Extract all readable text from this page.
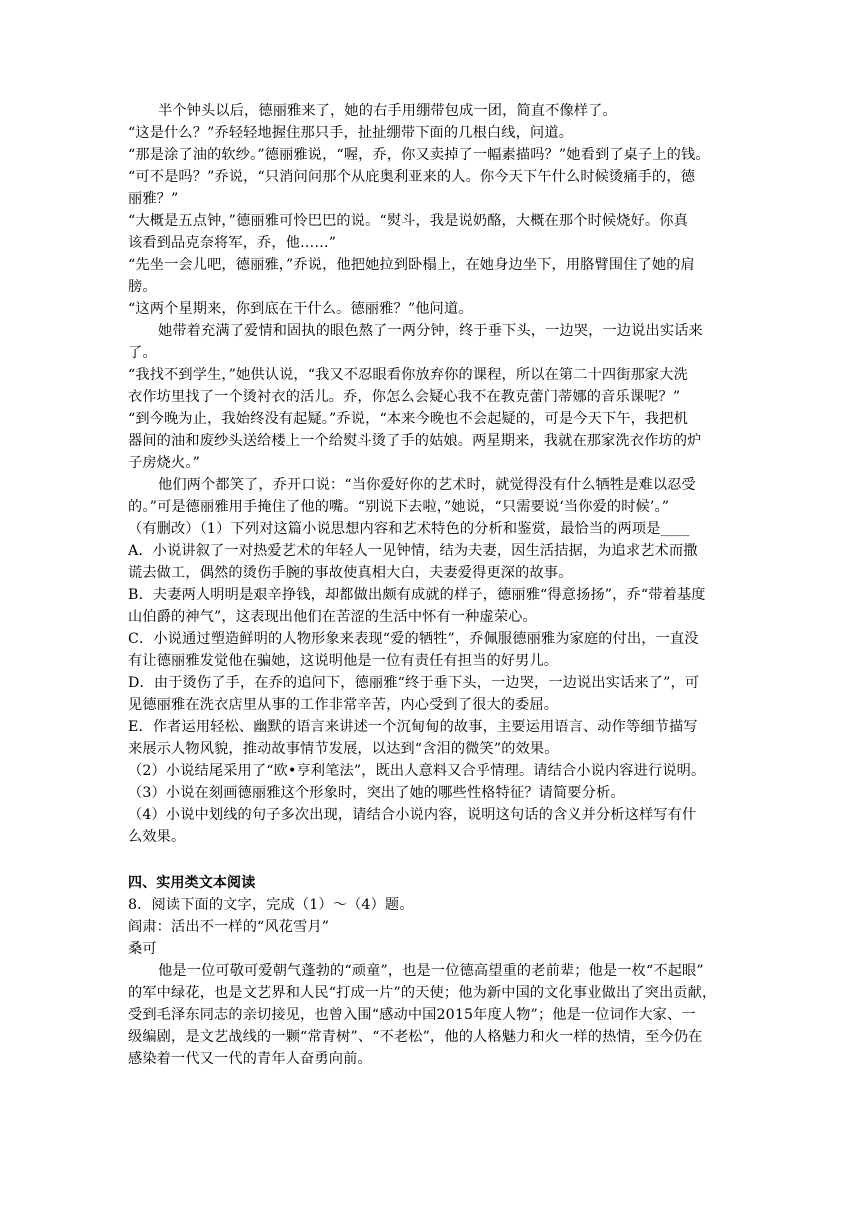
半个钟头以后，德丽雅来了，她的右手用绷带包成一团，简直不像样了。
“这是什么？”乔轻轻地握住那只手，扯扯绷带下面的几根白线，问道。
“那是涂了油的软纱。”德丽雅说，“喔，乔，你又卖掉了一幅素描吗？”她看到了桌子上的钱。
“可不是吗？”乔说，“只消问问那个从庇奥利亚来的人。你今天下午什么时候烫痛手的，德
丽雅？”
“大概是五点钟，”德丽雅可怜巴巴的说。“熨斗，我是说奶酪，大概在那个时候烧好。你真
该看到品克奈将军，乔，他……”
“先坐一会儿吧，德丽雅，”乔说，他把她拉到卧榻上，在她身边坐下，用胳臂围住了她的肩
膀。
“这两个星期来，你到底在干什么。德丽雅？”他问道。
她带着充满了爱情和固执的眼色熬了一两分钟，终于垂下头，一边哭，一边说出实话来
了。
“我找不到学生，”她供认说，“我又不忍眼看你放弃你的课程，所以在第二十四街那家大洗
衣作坊里找了一个烫衬衣的活儿。乔，你怎么会疑心我不在教克蕾门蒂娜的音乐课呢？”
“到今晚为止，我始终没有起疑。”乔说，“本来今晚也不会起疑的，可是今天下午，我把机
器间的油和废纱头送给楼上一个给熨斗烫了手的姑娘。两星期来，我就在那家洗衣作坊的炉
子房烧火。”
他们两个都笑了，乔开口说：“当你爱好你的艺术时，就觉得没有什么牺牲是难以忍受
的。”可是德丽雅用手掩住了他的嘴。“别说下去啦，”她说，“只需要说‘当你爱的时候’。”
（有删改）（1）下列对这篇小说思想内容和艺术特色的分析和鉴赏，最恰当的两项是____
A．小说讲叙了一对热爱艺术的年轻人一见钟情，结为夫妻，因生活拮据，为追求艺术而撒
谎去做工，偶然的烫伤手腕的事故使真相大白，夫妻爱得更深的故事。
B．夫妻两人明明是艰辛挣钱，却都做出颇有成就的样子，德丽雅“得意扬扬”，乔“带着基度
山伯爵的神气”，这表现出他们在苦涩的生活中怀有一种虚荣心。
C．小说通过塑造鲜明的人物形象来表现“爱的牺牲”，乔佩服德丽雅为家庭的付出，一直没
有让德丽雅发觉他在骗她，这说明他是一位有责任有担当的好男儿。
D．由于烫伤了手，在乔的追问下，德丽雅“终于垂下头，一边哭，一边说出实话来了”，可
见德丽雅在洗衣店里从事的工作非常辛苦，内心受到了很大的委屈。
E．作者运用轻松、幽默的语言来讲述一个沉甸甸的故事，主要运用语言、动作等细节描写
来展示人物风貌，推动故事情节发展，以达到“含泪的微笑”的效果。
（2）小说结尾采用了“欧•亨利笔法”，既出人意料又合乎情理。请结合小说内容进行说明。
（3）小说在刻画德丽雅这个形象时，突出了她的哪些性格特征？请简要分析。
（4）小说中划线的句子多次出现，请结合小说内容，说明这句话的含义并分析这样写有什
么效果。
四、实用类文本阅读
8．阅读下面的文字，完成（1）～（4）题。
阎肃：活出不一样的“风花雪月”
桑可
他是一位可敬可爱朝气蓬勃的“顽童”，也是一位德高望重的老前辈；他是一枚“不起眼”
的军中绿花，也是文艺界和人民“打成一片”的天使；他为新中国的文化事业做出了突出贡献，
受到毛泽东同志的亲切接见，也曾入围“感动中国2015年度人物”；他是一位词作大家、一
级编剧，是文艺战线的一颗“常青树”、“不老松”，他的人格魅力和火一样的热情，至今仍在
感染着一代又一代的青年人奋勇向前。
